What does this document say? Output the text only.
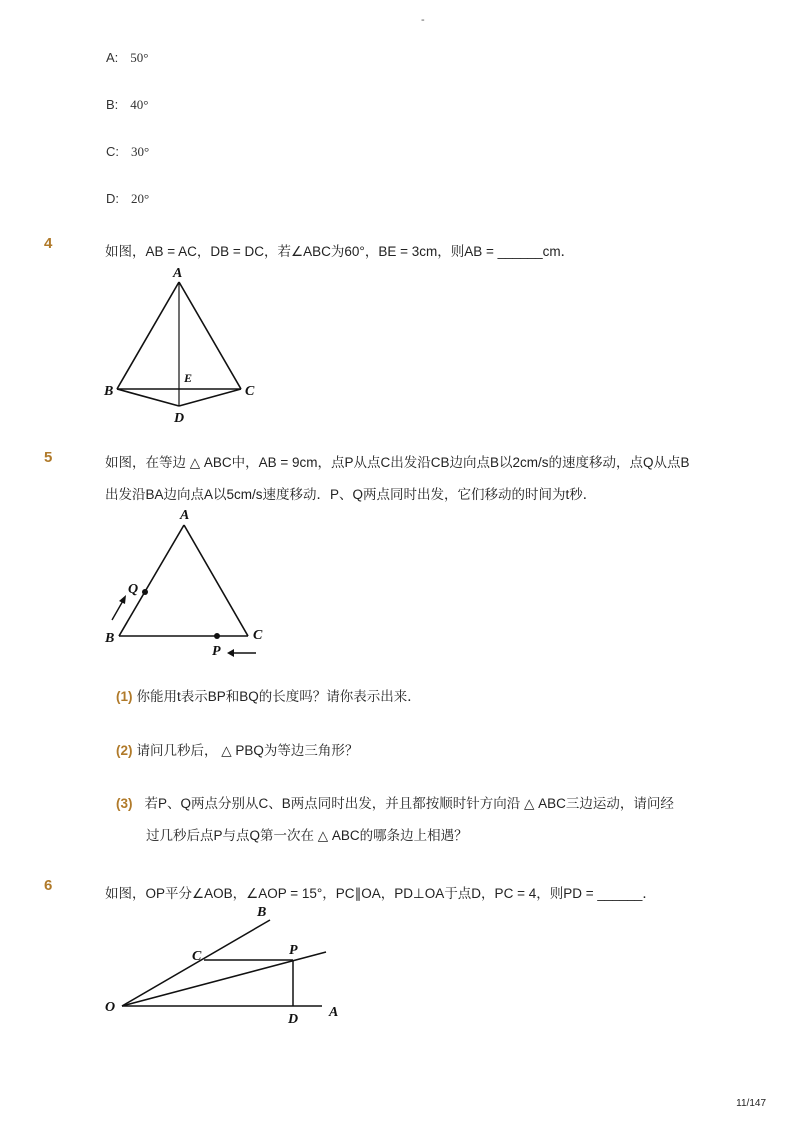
-
A: 50°
B: 40°
C: 30°
D: 20°
4	如图，AB = AC，DB = DC，若∠ABC为60°，BE = 3cm，则AB = ______cm．
A
B	C
D
E
5	如图，在等边 △ ABC中，AB = 9cm，点P从点C出发沿CB边向点B以2cm/s的速度移动，点Q从点B
出发沿BA边向点A以5cm/s速度移动．P、Q两点同时出发，它们移动的时间为t秒．
A
B	C
P
Q
(1) 你能用t表示BP和BQ的长度吗？请你表示出来．
(2) 请问几秒后， △ PBQ为等边三角形？
(3) 若P、Q两点分别从C、B两点同时出发，并且都按顺时针方向沿 △ ABC三边运动，请问经
过几秒后点P与点Q第一次在 △ ABC的哪条边上相遇？
6	如图，OP平分∠AOB，∠AOP = 15°，PC∥OA，PD⊥OA于点D，PC = 4，则PD = ______．
O	A
B
C	P
D
11/147
